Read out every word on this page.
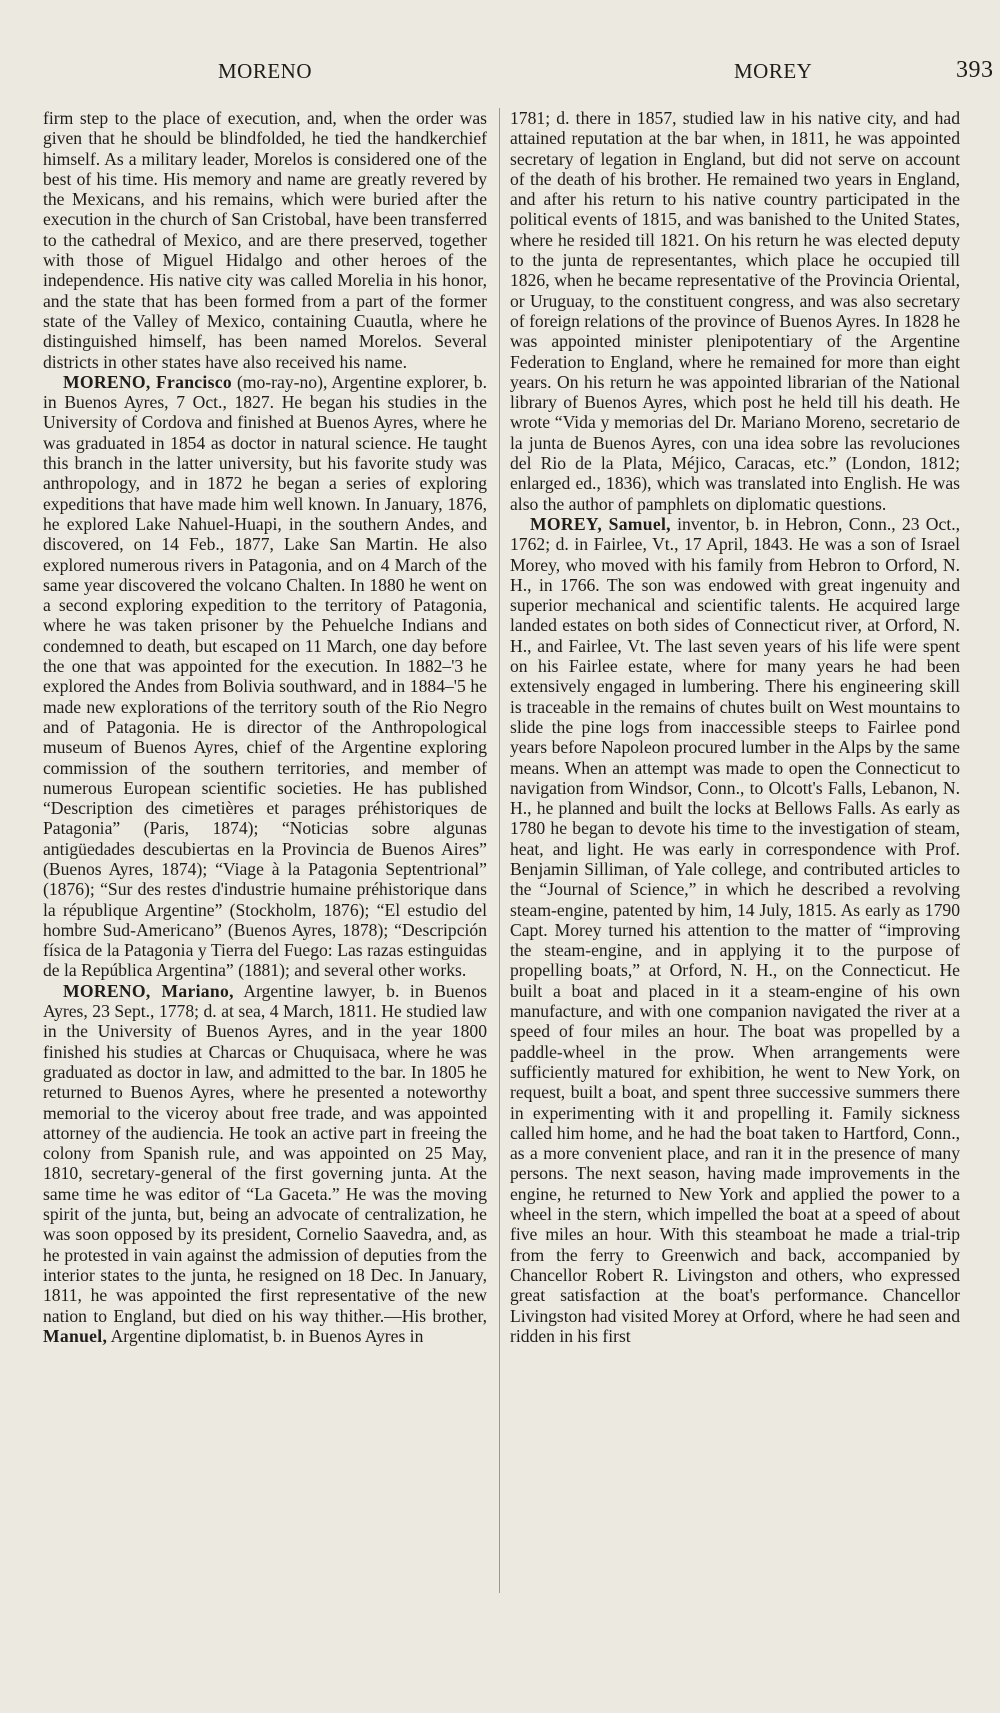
MORENO	MOREY	393

firm step to the place of execution, and, when the order was given that he should be blindfolded, he tied the handkerchief himself. As a military leader, Morelos is considered one of the best of his time. His memory and name are greatly revered by the Mexicans, and his remains, which were buried after the execution in the church of San Cristobal, have been transferred to the cathedral of Mexico, and are there preserved, together with those of Miguel Hidalgo and other heroes of the independence. His native city was called Morelia in his honor, and the state that has been formed from a part of the former state of the Valley of Mexico, containing Cuautla, where he distinguished himself, has been named Morelos. Several districts in other states have also received his name.

MORENO, Francisco (mo-ray-no), Argentine explorer, b. in Buenos Ayres, 7 Oct., 1827. He began his studies in the University of Cordova and finished at Buenos Ayres, where he was graduated in 1854 as doctor in natural science. He taught this branch in the latter university, but his favorite study was anthropology, and in 1872 he began a series of exploring expeditions that have made him well known. In January, 1876, he explored Lake Nahuel-Huapi, in the southern Andes, and discovered, on 14 Feb., 1877, Lake San Martin. He also explored numerous rivers in Patagonia, and on 4 March of the same year discovered the volcano Chalten. In 1880 he went on a second exploring expedition to the territory of Patagonia, where he was taken prisoner by the Pehuelche Indians and condemned to death, but escaped on 11 March, one day before the one that was appointed for the execution. In 1882–'3 he explored the Andes from Bolivia southward, and in 1884–'5 he made new explorations of the territory south of the Rio Negro and of Patagonia. He is director of the Anthropological museum of Buenos Ayres, chief of the Argentine exploring commission of the southern territories, and member of numerous European scientific societies. He has published “Description des cimetières et parages préhistoriques de Patagonia” (Paris, 1874); “Noticias sobre algunas antigüedades descubiertas en la Provincia de Buenos Aires” (Buenos Ayres, 1874); “Viage à la Patagonia Septentrional” (1876); “Sur des restes d'industrie humaine préhistorique dans la république Argentine” (Stockholm, 1876); “El estudio del hombre Sud-Americano” (Buenos Ayres, 1878); “Descripción física de la Patagonia y Tierra del Fuego: Las razas estinguidas de la República Argentina” (1881); and several other works.

MORENO, Mariano, Argentine lawyer, b. in Buenos Ayres, 23 Sept., 1778; d. at sea, 4 March, 1811. He studied law in the University of Buenos Ayres, and in the year 1800 finished his studies at Charcas or Chuquisaca, where he was graduated as doctor in law, and admitted to the bar. In 1805 he returned to Buenos Ayres, where he presented a noteworthy memorial to the viceroy about free trade, and was appointed attorney of the audiencia. He took an active part in freeing the colony from Spanish rule, and was appointed on 25 May, 1810, secretary-general of the first governing junta. At the same time he was editor of “La Gaceta.” He was the moving spirit of the junta, but, being an advocate of centralization, he was soon opposed by its president, Cornelio Saavedra, and, as he protested in vain against the admission of deputies from the interior states to the junta, he resigned on 18 Dec. In January, 1811, he was appointed the first representative of the new nation to England, but died on his way thither.—His brother, Manuel, Argentine diplomatist, b. in Buenos Ayres in

1781; d. there in 1857, studied law in his native city, and had attained reputation at the bar when, in 1811, he was appointed secretary of legation in England, but did not serve on account of the death of his brother. He remained two years in England, and after his return to his native country participated in the political events of 1815, and was banished to the United States, where he resided till 1821. On his return he was elected deputy to the junta de representantes, which place he occupied till 1826, when he became representative of the Provincia Oriental, or Uruguay, to the constituent congress, and was also secretary of foreign relations of the province of Buenos Ayres. In 1828 he was appointed minister plenipotentiary of the Argentine Federation to England, where he remained for more than eight years. On his return he was appointed librarian of the National library of Buenos Ayres, which post he held till his death. He wrote “Vida y memorias del Dr. Mariano Moreno, secretario de la junta de Buenos Ayres, con una idea sobre las revoluciones del Rio de la Plata, Méjico, Caracas, etc.” (London, 1812; enlarged ed., 1836), which was translated into English. He was also the author of pamphlets on diplomatic questions.

MOREY, Samuel, inventor, b. in Hebron, Conn., 23 Oct., 1762; d. in Fairlee, Vt., 17 April, 1843. He was a son of Israel Morey, who moved with his family from Hebron to Orford, N. H., in 1766. The son was endowed with great ingenuity and superior mechanical and scientific talents. He acquired large landed estates on both sides of Connecticut river, at Orford, N. H., and Fairlee, Vt. The last seven years of his life were spent on his Fairlee estate, where for many years he had been extensively engaged in lumbering. There his engineering skill is traceable in the remains of chutes built on West mountains to slide the pine logs from inaccessible steeps to Fairlee pond years before Napoleon procured lumber in the Alps by the same means. When an attempt was made to open the Connecticut to navigation from Windsor, Conn., to Olcott's Falls, Lebanon, N. H., he planned and built the locks at Bellows Falls. As early as 1780 he began to devote his time to the investigation of steam, heat, and light. He was early in correspondence with Prof. Benjamin Silliman, of Yale college, and contributed articles to the “Journal of Science,” in which he described a revolving steam-engine, patented by him, 14 July, 1815. As early as 1790 Capt. Morey turned his attention to the matter of “improving the steam-engine, and in applying it to the purpose of propelling boats,” at Orford, N. H., on the Connecticut. He built a boat and placed in it a steam-engine of his own manufacture, and with one companion navigated the river at a speed of four miles an hour. The boat was propelled by a paddle-wheel in the prow. When arrangements were sufficiently matured for exhibition, he went to New York, on request, built a boat, and spent three successive summers there in experimenting with it and propelling it. Family sickness called him home, and he had the boat taken to Hartford, Conn., as a more convenient place, and ran it in the presence of many persons. The next season, having made improvements in the engine, he returned to New York and applied the power to a wheel in the stern, which impelled the boat at a speed of about five miles an hour. With this steamboat he made a trial-trip from the ferry to Greenwich and back, accompanied by Chancellor Robert R. Livingston and others, who expressed great satisfaction at the boat's performance. Chancellor Livingston had visited Morey at Orford, where he had seen and ridden in his first
